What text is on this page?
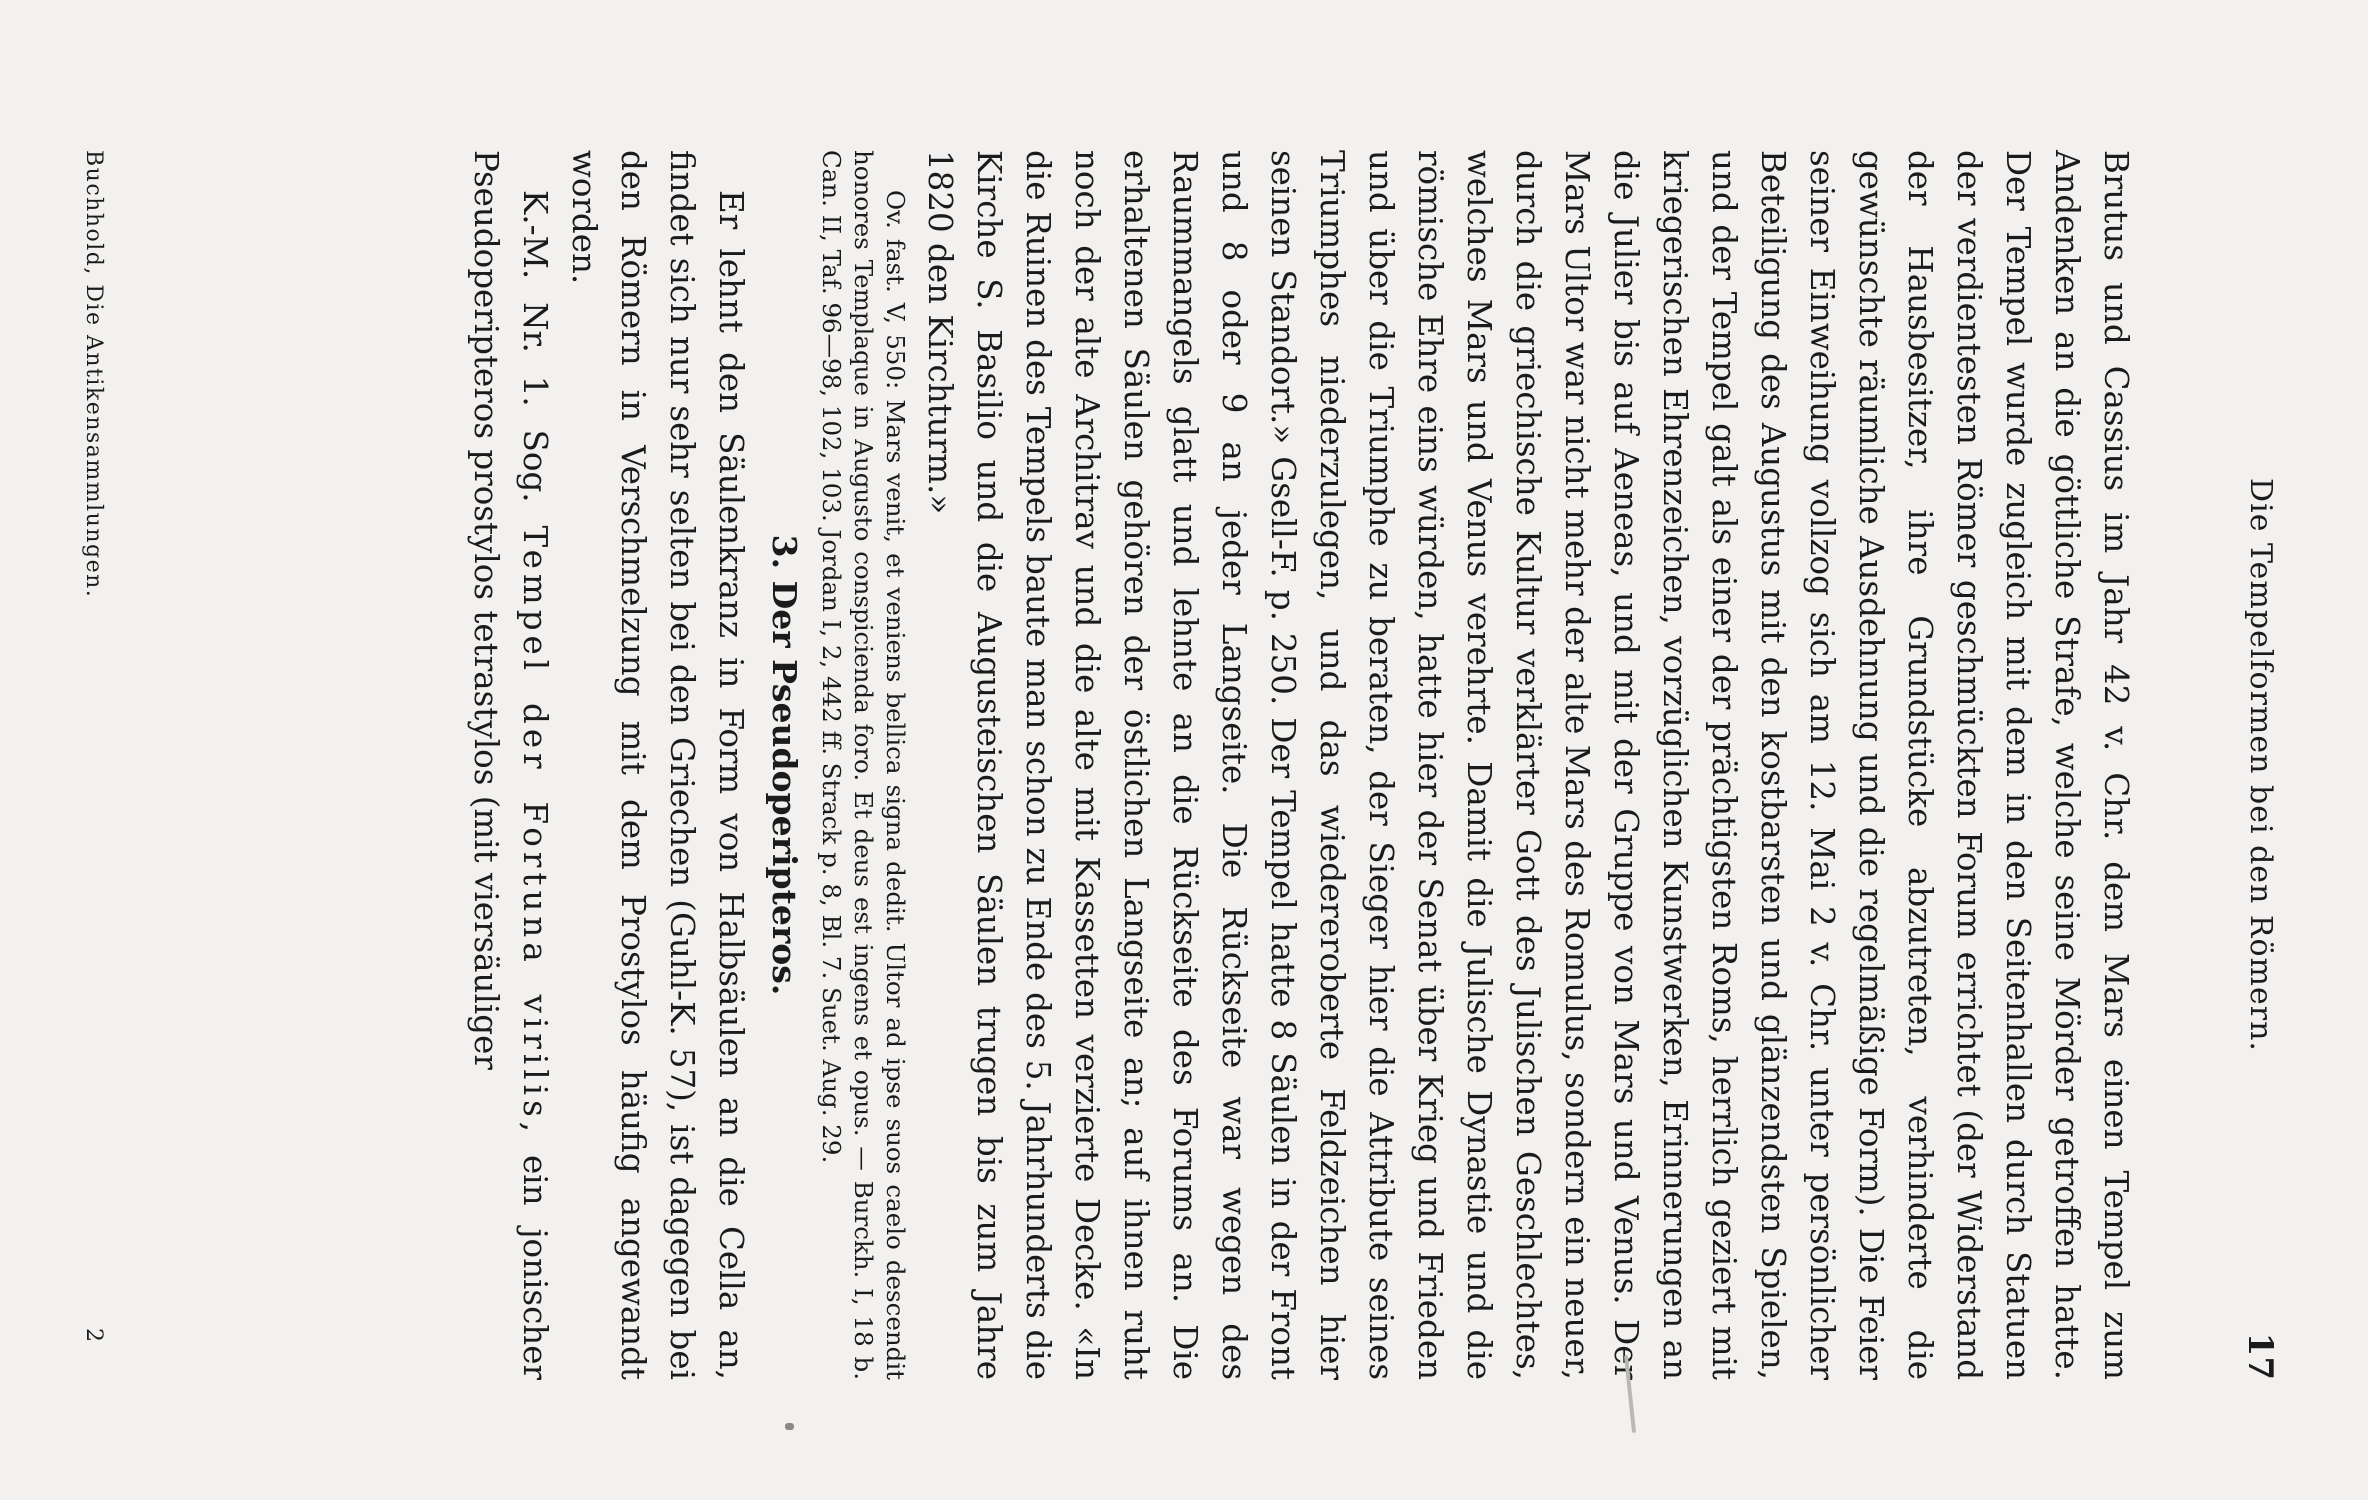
Die Tempelformen bei den Römern.
17

Brutus und Cassius im Jahr 42 v. Chr. dem Mars einen Tempel zum Andenken an die göttliche Strafe, welche seine Mörder getroffen hatte. Der Tempel wurde zugleich mit dem in den Seitenhallen durch Statuen der verdientesten Römer geschmückten Forum errichtet (der Widerstand der Hausbesitzer, ihre Grundstücke abzutreten, verhinderte die gewünschte räumliche Ausdehnung und die regelmäßige Form). Die Feier seiner Einweihung vollzog sich am 12. Mai 2 v. Chr. unter persönlicher Beteiligung des Augustus mit den kostbarsten und glänzendsten Spielen, und der Tempel galt als einer der prächtigsten Roms, herrlich geziert mit kriegerischen Ehrenzeichen, vorzüglichen Kunstwerken, Erinnerungen an die Julier bis auf Aeneas, und mit der Gruppe von Mars und Venus. Der Mars Ultor war nicht mehr der alte Mars des Romulus, sondern ein neuer, durch die griechische Kultur verklärter Gott des Julischen Geschlechtes, welches Mars und Venus verehrte. Damit die Julische Dynastie und die römische Ehre eins würden, hatte hier der Senat über Krieg und Frieden und über die Triumphe zu beraten, der Sieger hier die Attribute seines Triumphes niederzulegen, und das wiedereroberte Feldzeichen hier seinen Standort.» Gsell-F. p. 250. Der Tempel hatte 8 Säulen in der Front und 8 oder 9 an jeder Langseite. Die Rückseite war wegen des Raummangels glatt und lehnte an die Rückseite des Forums an. Die erhaltenen Säulen gehören der östlichen Langseite an; auf ihnen ruht noch der alte Architrav und die alte mit Kassetten verzierte Decke. «In die Ruinen des Tempels baute man schon zu Ende des 5. Jahrhunderts die Kirche S. Basilio und die Augusteischen Säulen trugen bis zum Jahre 1820 den Kirchturm.»

Ov. fast. V, 550: Mars venit, et veniens bellica signa dedit. Ultor ad ipse suos caelo descendit honores Templaque in Augusto conspicienda foro. Et deus est ingens et opus. — Burckh. I, 18 b. Can. II, Taf. 96—98, 102, 103. Jordan I, 2, 442 ff. Strack p. 8, Bl. 7. Suet. Aug. 29.

3. Der Pseudoperipteros.

Er lehnt den Säulenkranz in Form von Halbsäulen an die Cella an, findet sich nur sehr selten bei den Griechen (Guhl-K. 57), ist dagegen bei den Römern in Verschmelzung mit dem Prostylos häufig angewandt worden.

K.-M. Nr. 1. Sog. Tempel der Fortuna virilis, ein jonischer Pseudoperipteros prostylos tetrastylos (mit viersäuliger

Buchhold, Die Antikensammlungen.
2
